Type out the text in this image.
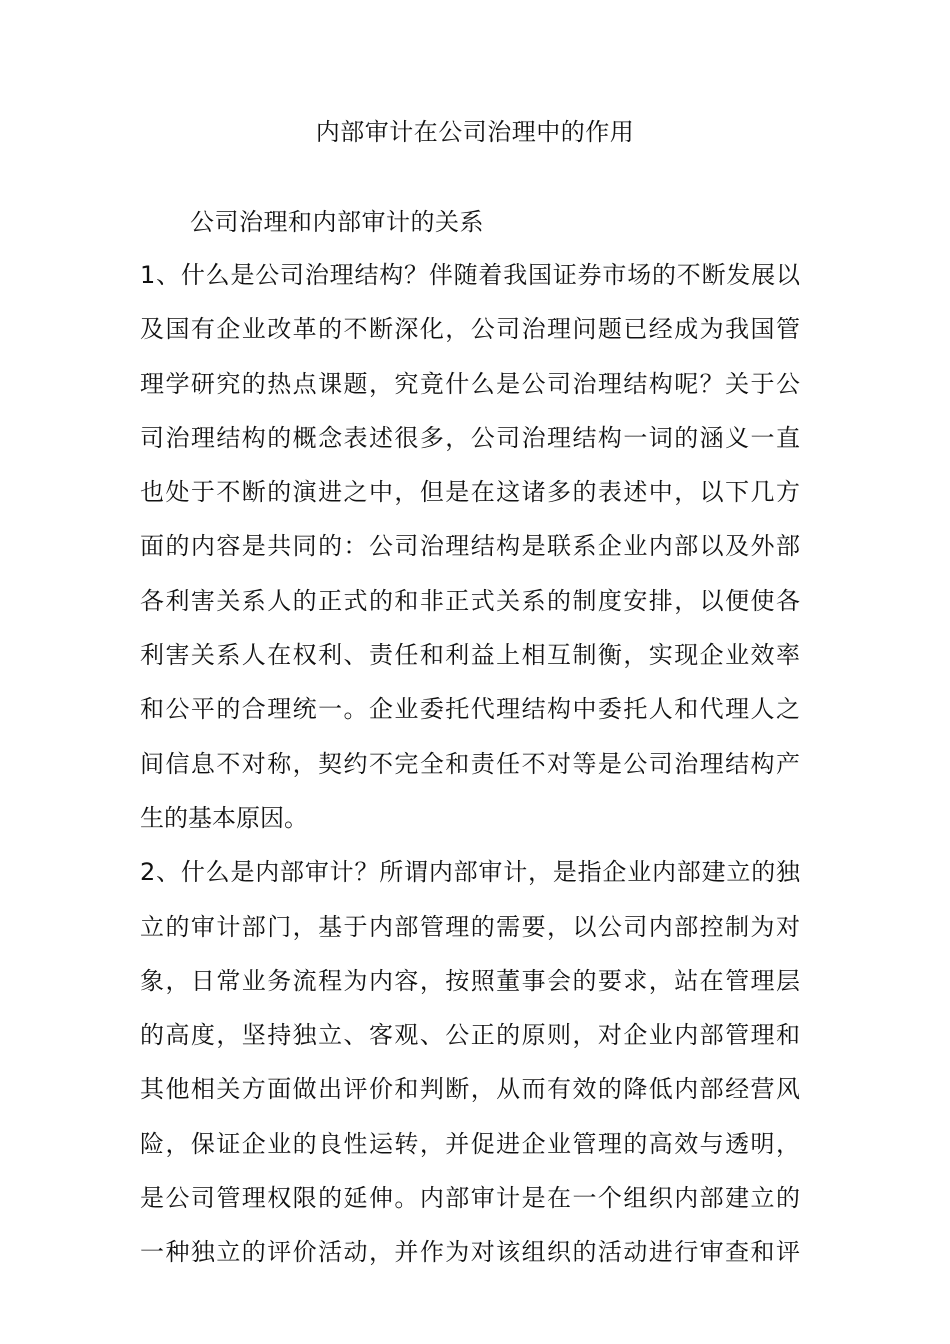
内部审计在公司治理中的作用
公司治理和内部审计的关系
1、什么是公司治理结构？伴随着我国证券市场的不断发展以
及国有企业改革的不断深化，公司治理问题已经成为我国管
理学研究的热点课题，究竟什么是公司治理结构呢？关于公
司治理结构的概念表述很多，公司治理结构一词的涵义一直
也处于不断的演进之中，但是在这诸多的表述中，以下几方
面的内容是共同的：公司治理结构是联系企业内部以及外部
各利害关系人的正式的和非正式关系的制度安排，以便使各
利害关系人在权利、责任和利益上相互制衡，实现企业效率
和公平的合理统一。企业委托代理结构中委托人和代理人之
间信息不对称，契约不完全和责任不对等是公司治理结构产
生的基本原因。
2、什么是内部审计？所谓内部审计，是指企业内部建立的独
立的审计部门，基于内部管理的需要，以公司内部控制为对
象，日常业务流程为内容，按照董事会的要求，站在管理层
的高度，坚持独立、客观、公正的原则，对企业内部管理和
其他相关方面做出评价和判断，从而有效的降低内部经营风
险，保证企业的良性运转，并促进企业管理的高效与透明，
是公司管理权限的延伸。内部审计是在一个组织内部建立的
一种独立的评价活动，并作为对该组织的活动进行审查和评
